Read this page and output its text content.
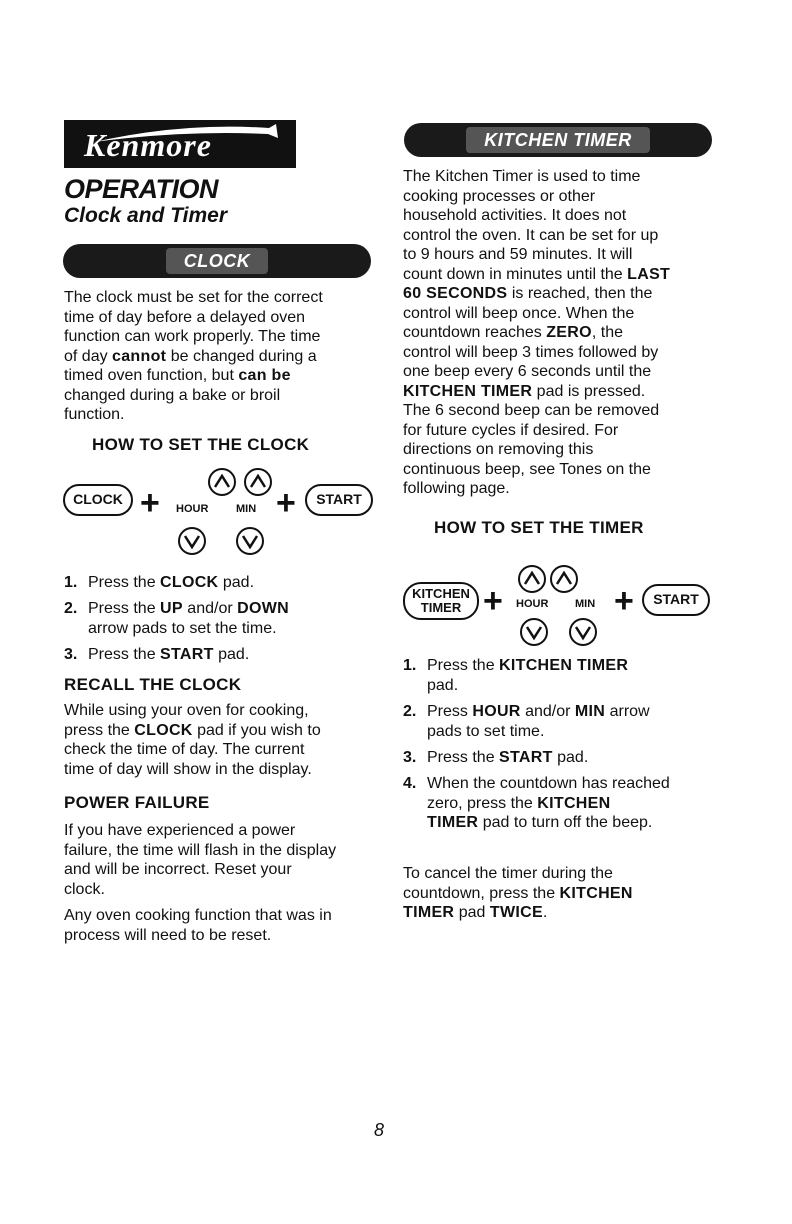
Kenmore
OPERATION
Clock and Timer
CLOCK
The clock must be set for the correct
time of day before a delayed oven
function can work properly. The time
of day cannot be changed during a
timed oven function, but can be
changed during a bake or broil
function.
HOW TO SET THE CLOCK
CLOCK + HOUR	MIN +	START
1. Press the CLOCK pad.
2. Press the UP and/or DOWN
arrow pads to set the time.
3. Press the START pad.
RECALL THE CLOCK
While using your oven for cooking,
press the CLOCK pad if you wish to
check the time of day. The current
time of day will show in the display.
POWER FAILURE
If you have experienced a power
failure, the time will flash in the display
and will be incorrect. Reset your
clock.
Any oven cooking function that was in
process will need to be reset.
KITCHEN TIMER
The Kitchen Timer is used to time
cooking processes or other
household activities. It does not
control the oven. It can be set for up
to 9 hours and 59 minutes. It will
count down in minutes until the LAST
60 SECONDS is reached, then the
control will beep once. When the
countdown reaches ZERO, the
control will beep 3 times followed by
one beep every 6 seconds until the
KITCHEN TIMER pad is pressed.
The 6 second beep can be removed
for future cycles if desired. For
directions on removing this
continuous beep, see Tones on the
following page.
HOW TO SET THE TIMER
KITCHEN
TIMER + HOUR MIN +	START
1. Press the KITCHEN TIMER
pad.
2. Press HOUR and/or MIN arrow
pads to set time.
3. Press the START pad.
4. When the countdown has reached
zero, press the KITCHEN
TIMER pad to turn off the beep.
To cancel the timer during the
countdown, press the KITCHEN
TIMER pad TWICE.
8
